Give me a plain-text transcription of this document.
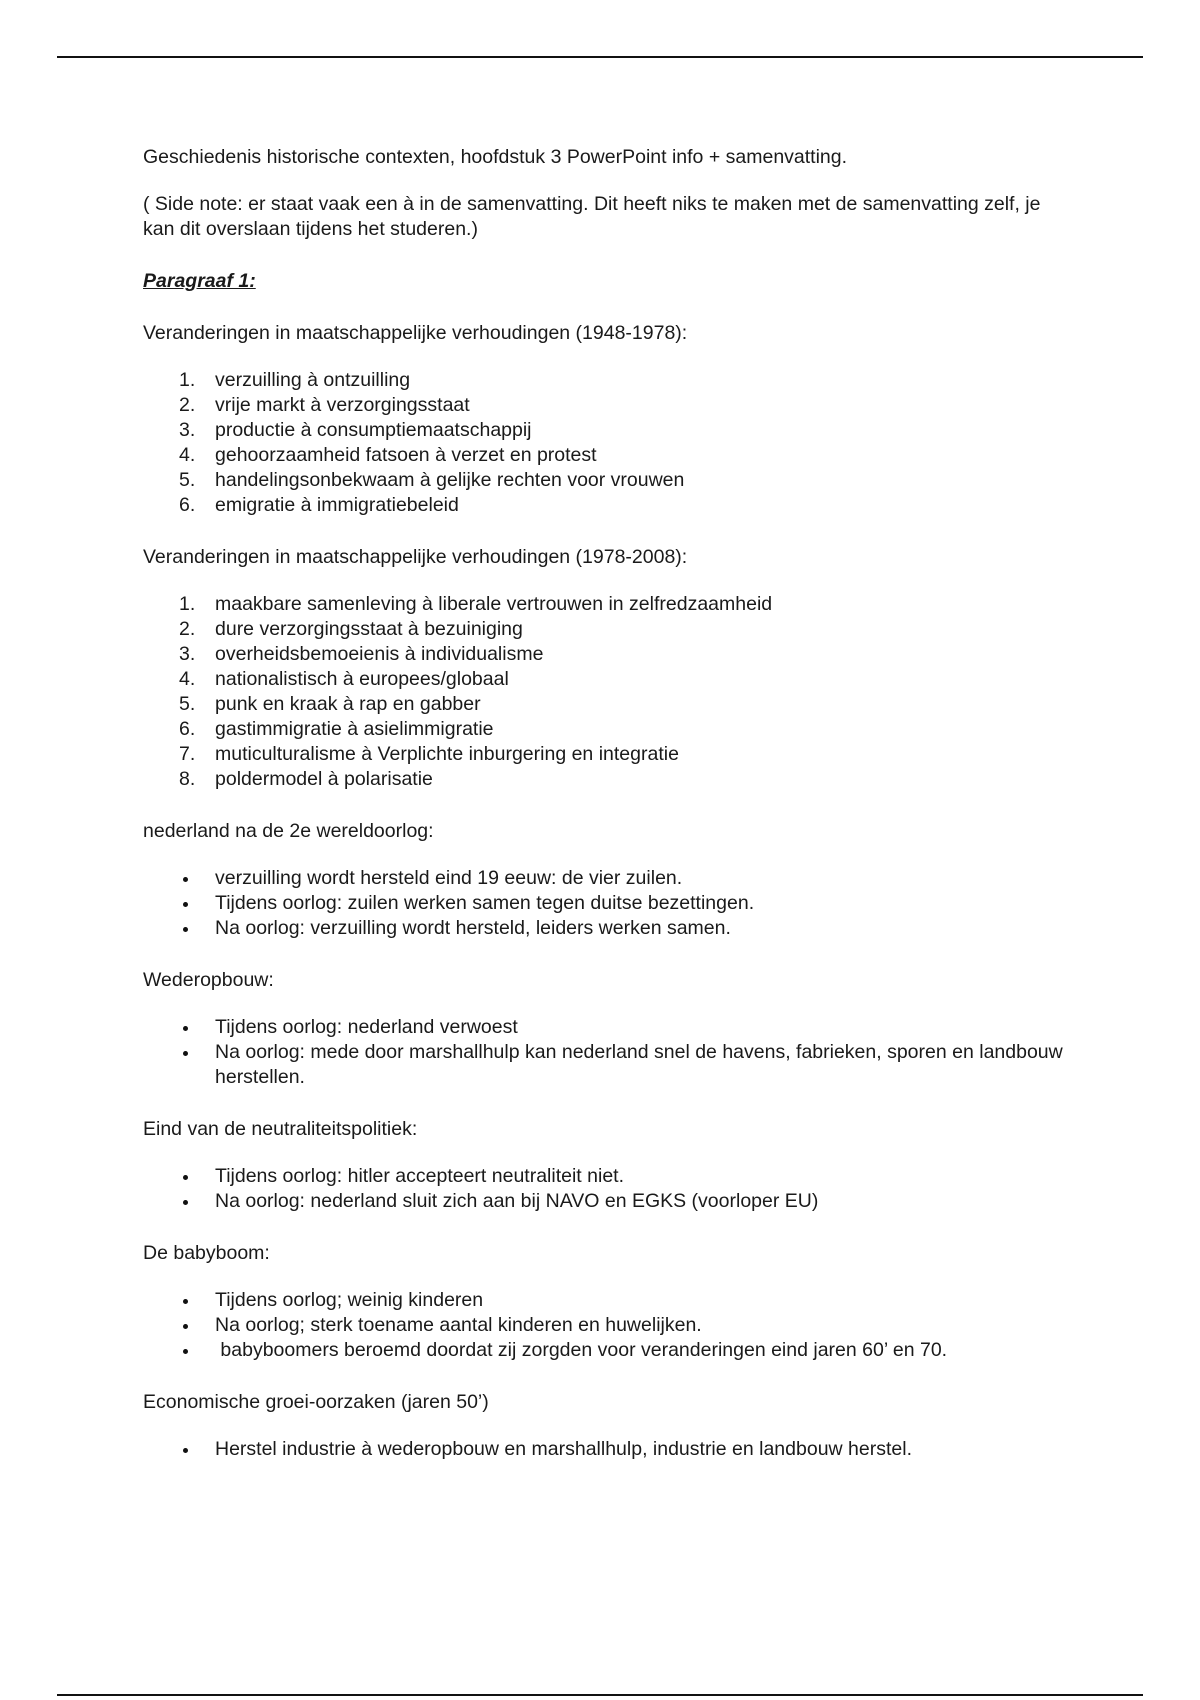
Geschiedenis historische contexten, hoofdstuk 3 PowerPoint info + samenvatting.

( Side note: er staat vaak een à in de samenvatting. Dit heeft niks te maken met de samenvatting zelf, je kan dit overslaan tijdens het studeren.)

Paragraaf 1:

Veranderingen in maatschappelijke verhoudingen (1948-1978):

1.	verzuilling à ontzuilling
2.	vrije markt à verzorgingsstaat
3.	productie à consumptiemaatschappij
4.	gehoorzaamheid fatsoen à verzet en protest
5.	handelingsonbekwaam à gelijke rechten voor vrouwen
6.	emigratie à immigratiebeleid

Veranderingen in maatschappelijke verhoudingen (1978-2008):

1.	maakbare samenleving à liberale vertrouwen in zelfredzaamheid
2.	dure verzorgingsstaat à bezuiniging
3.	overheidsbemoeienis à individualisme
4.	nationalistisch à europees/globaal
5.	punk en kraak à rap en gabber
6.	gastimmigratie à asielimmigratie
7.	muticulturalisme à Verplichte inburgering en integratie
8.	poldermodel à polarisatie

nederland na de 2e wereldoorlog:

verzuilling wordt hersteld eind 19 eeuw: de vier zuilen.
Tijdens oorlog: zuilen werken samen tegen duitse bezettingen.
Na oorlog: verzuilling wordt hersteld, leiders werken samen.

Wederopbouw:

Tijdens oorlog: nederland verwoest
Na oorlog: mede door marshallhulp kan nederland snel de havens, fabrieken, sporen en landbouw herstellen.

Eind van de neutraliteitspolitiek:

Tijdens oorlog: hitler accepteert neutraliteit niet.
Na oorlog: nederland sluit zich aan bij NAVO en EGKS (voorloper EU)

De babyboom:

Tijdens oorlog; weinig kinderen
Na oorlog; sterk toename aantal kinderen en huwelijken.
babyboomers beroemd doordat zij zorgden voor veranderingen eind jaren 60’ en 70.

Economische groei-oorzaken (jaren 50’)

Herstel industrie à wederopbouw en marshallhulp, industrie en landbouw herstel.
